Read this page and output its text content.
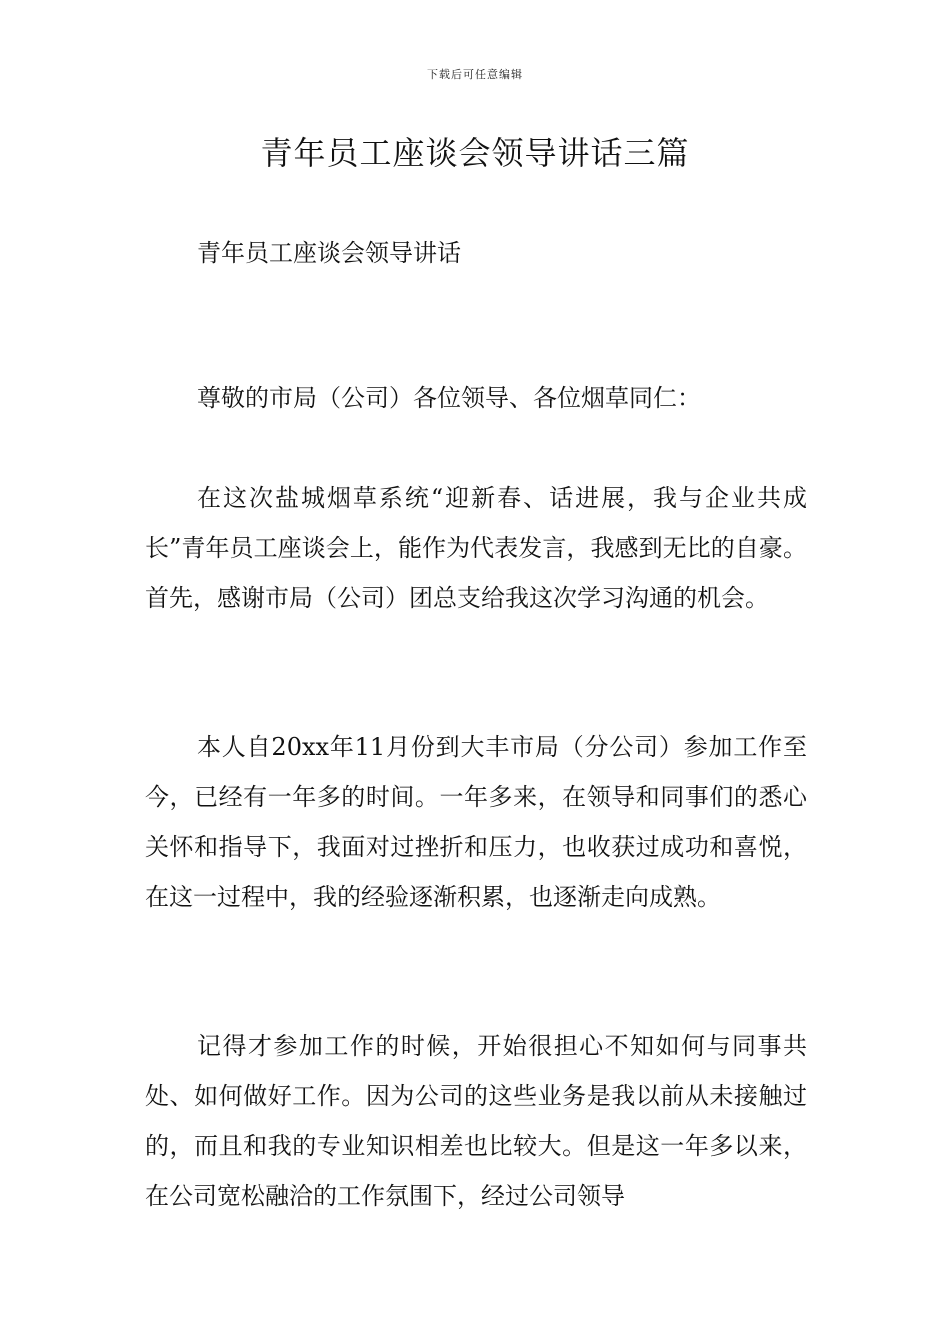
下载后可任意编辑
青年员工座谈会领导讲话三篇

青年员工座谈会领导讲话

尊敬的市局（公司）各位领导、各位烟草同仁：

在这次盐城烟草系统“迎新春、话进展，我与企业共成长”青年员工座谈会上，能作为代表发言，我感到无比的自豪。首先，感谢市局（公司）团总支给我这次学习沟通的机会。

本人自20xx年11月份到大丰市局（分公司）参加工作至今，已经有一年多的时间。一年多来，在领导和同事们的悉心关怀和指导下，我面对过挫折和压力，也收获过成功和喜悦，在这一过程中，我的经验逐渐积累，也逐渐走向成熟。

记得才参加工作的时候，开始很担心不知如何与同事共处、如何做好工作。因为公司的这些业务是我以前从未接触过的，而且和我的专业知识相差也比较大。但是这一年多以来，在公司宽松融洽的工作氛围下，经过公司领导
